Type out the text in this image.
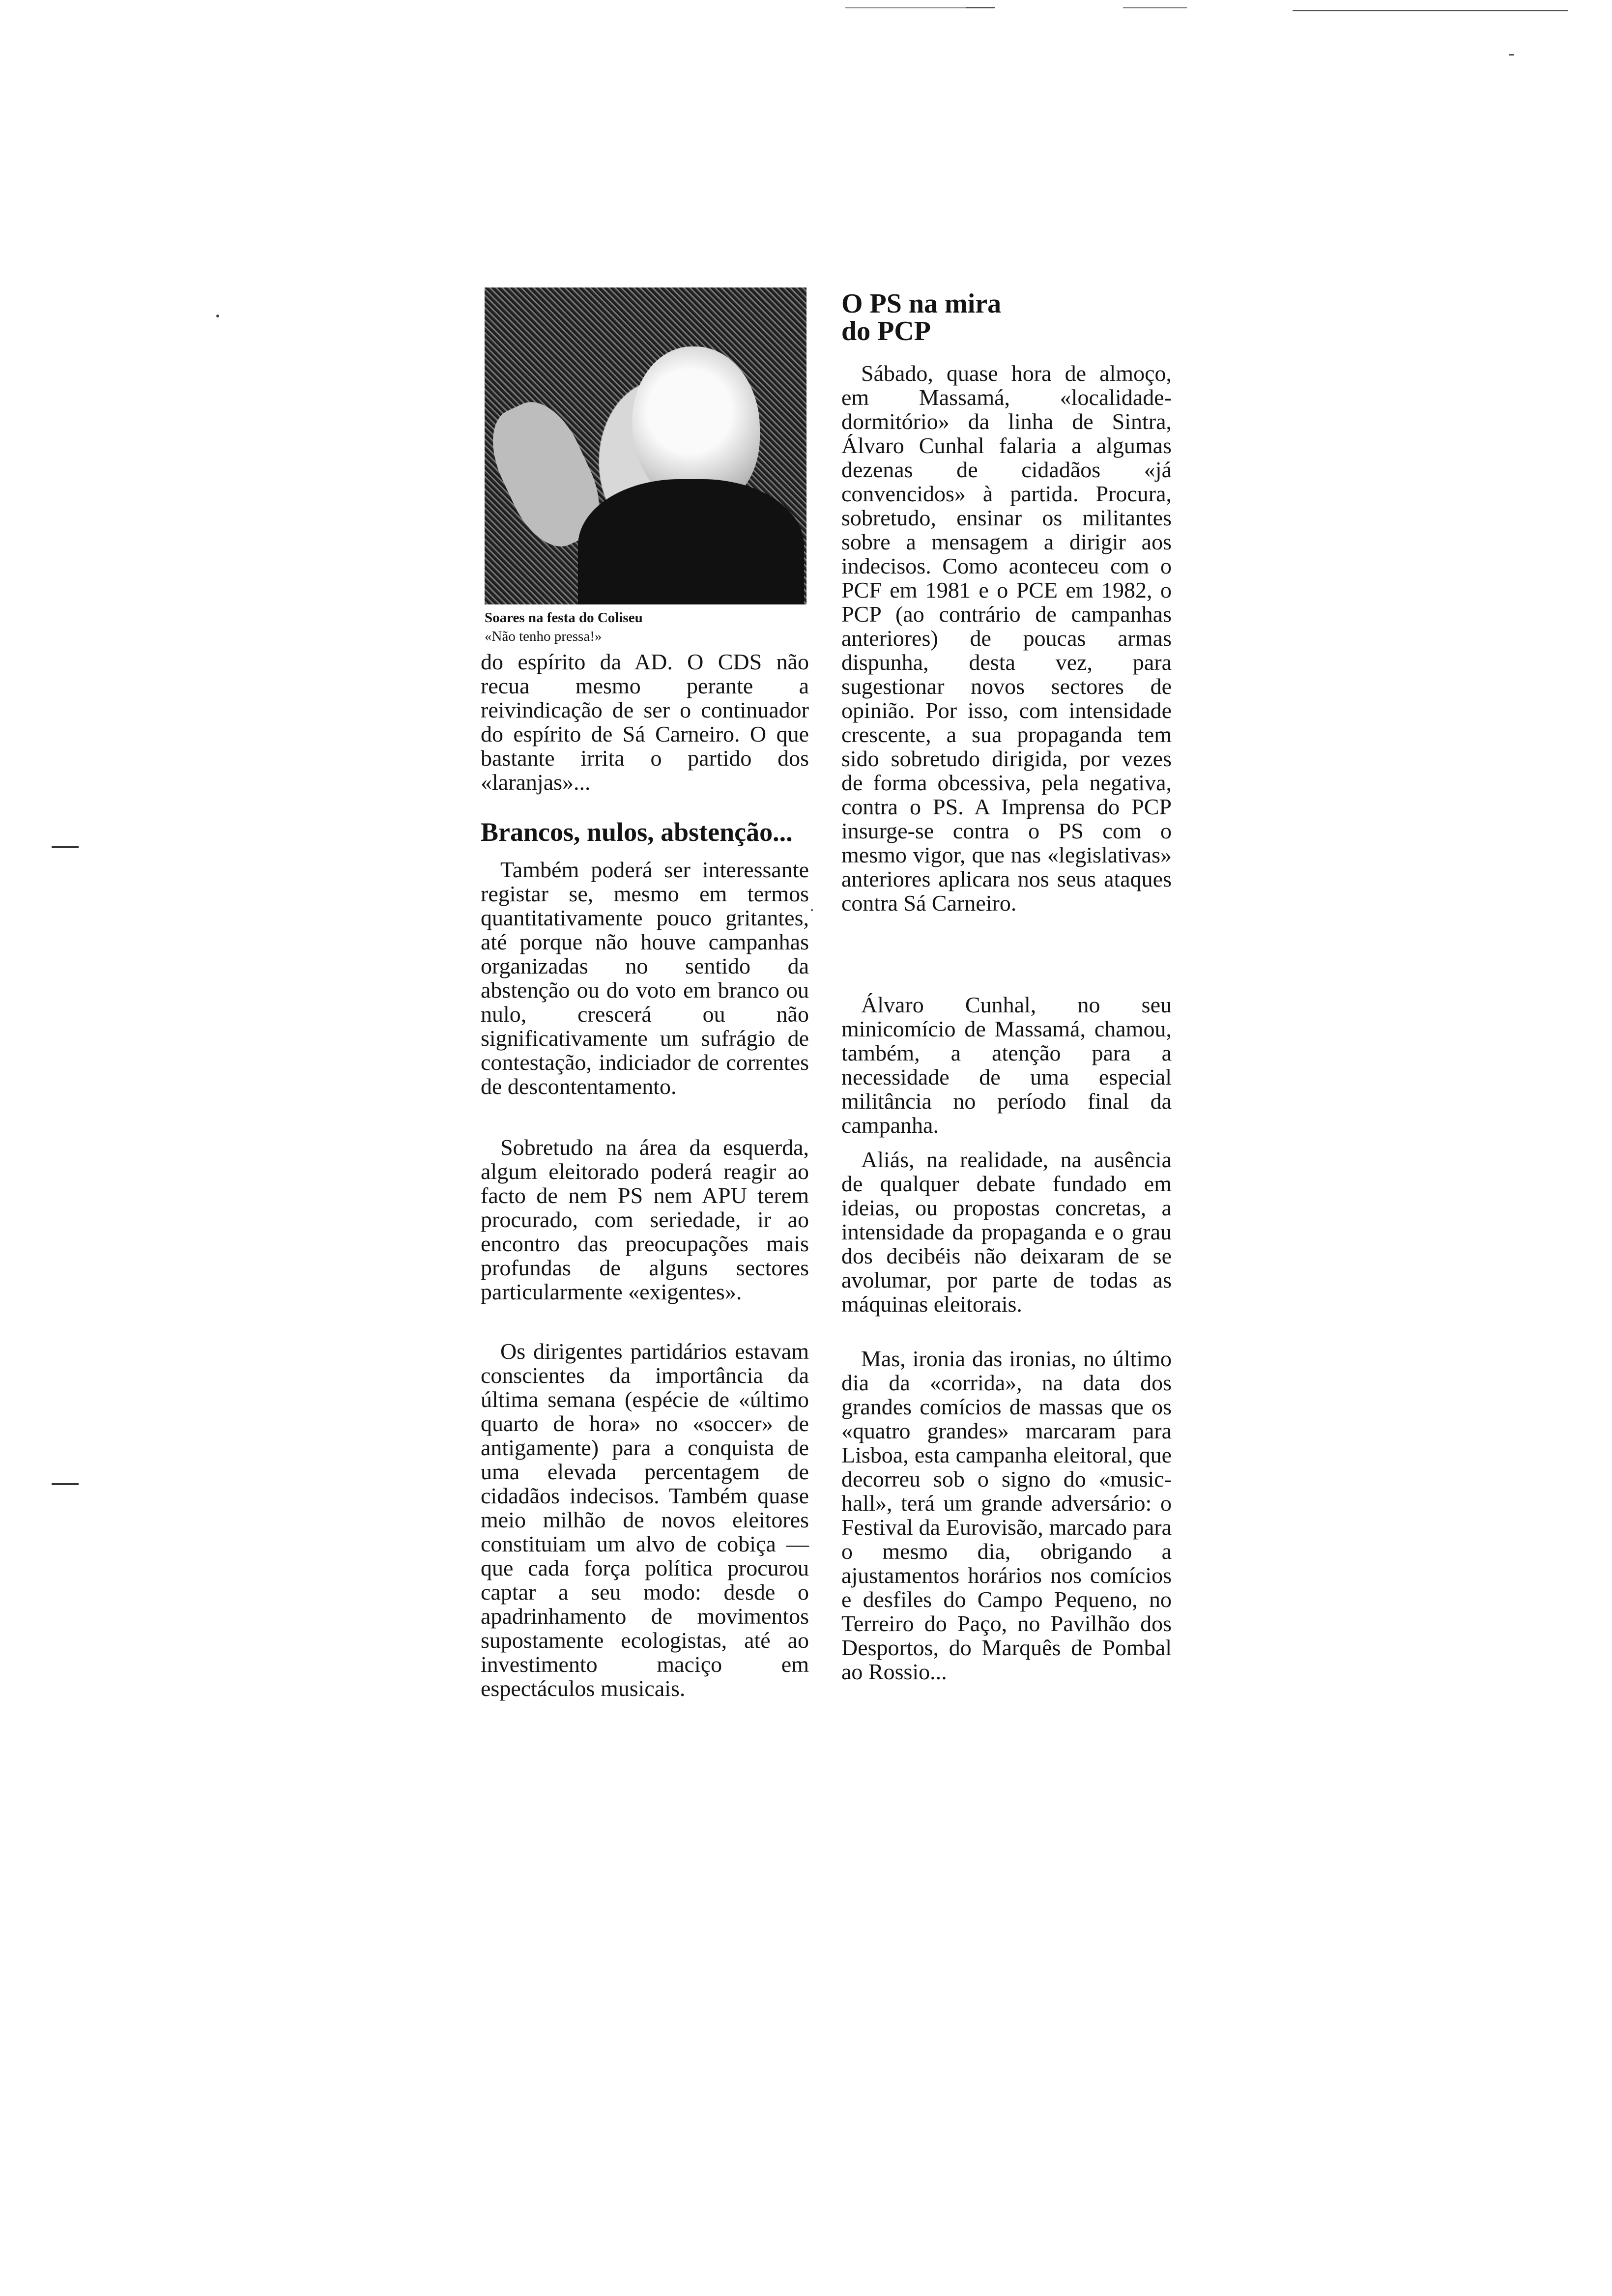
Soares na festa do Coliseu
«Não tenho pressa!»

do espírito da AD. O CDS não recua mesmo perante a reivindicação de ser o continuador do espírito de Sá Carneiro. O que bastante irrita o partido dos «laranjas»...

Brancos, nulos, abstenção...

Também poderá ser interessante registar se, mesmo em termos quantitativamente pouco gritantes, até porque não houve campanhas organizadas no sentido da abstenção ou do voto em branco ou nulo, crescerá ou não significativamente um sufrágio de contestação, indiciador de correntes de descontentamento.

Sobretudo na área da esquerda, algum eleitorado poderá reagir ao facto de nem PS nem APU terem procurado, com seriedade, ir ao encontro das preocupações mais profundas de alguns sectores particularmente «exigentes».

Os dirigentes partidários estavam conscientes da importância da última semana (espécie de «último quarto de hora» no «soccer» de antigamente) para a conquista de uma elevada percentagem de cidadãos indecisos. Também quase meio milhão de novos eleitores constituiam um alvo de cobiça — que cada força política procurou captar a seu modo: desde o apadrinhamento de movimentos supostamente ecologistas, até ao investimento maciço em espectáculos musicais.

O PS na mira
do PCP

Sábado, quase hora de almoço, em Massamá, «localidade-dormitório» da linha de Sintra, Álvaro Cunhal falaria a algumas dezenas de cidadãos «já convencidos» à partida. Procura, sobretudo, ensinar os militantes sobre a mensagem a dirigir aos indecisos. Como aconteceu com o PCF em 1981 e o PCE em 1982, o PCP (ao contrário de campanhas anteriores) de poucas armas dispunha, desta vez, para sugestionar novos sectores de opinião. Por isso, com intensidade crescente, a sua propaganda tem sido sobretudo dirigida, por vezes de forma obcessiva, pela negativa, contra o PS. A Imprensa do PCP insurge-se contra o PS com o mesmo vigor, que nas «legislativas» anteriores aplicara nos seus ataques contra Sá Carneiro.

Álvaro Cunhal, no seu minicomício de Massamá, chamou, também, a atenção para a necessidade de uma especial militância no período final da campanha.

Aliás, na realidade, na ausência de qualquer debate fundado em ideias, ou propostas concretas, a intensidade da propaganda e o grau dos decibéis não deixaram de se avolumar, por parte de todas as máquinas eleitorais.

Mas, ironia das ironias, no último dia da «corrida», na data dos grandes comícios de massas que os «quatro grandes» marcaram para Lisboa, esta campanha eleitoral, que decorreu sob o signo do «music-hall», terá um grande adversário: o Festival da Eurovisão, marcado para o mesmo dia, obrigando a ajustamentos horários nos comícios e desfiles do Campo Pequeno, no Terreiro do Paço, no Pavilhão dos Desportos, do Marquês de Pombal ao Rossio...
